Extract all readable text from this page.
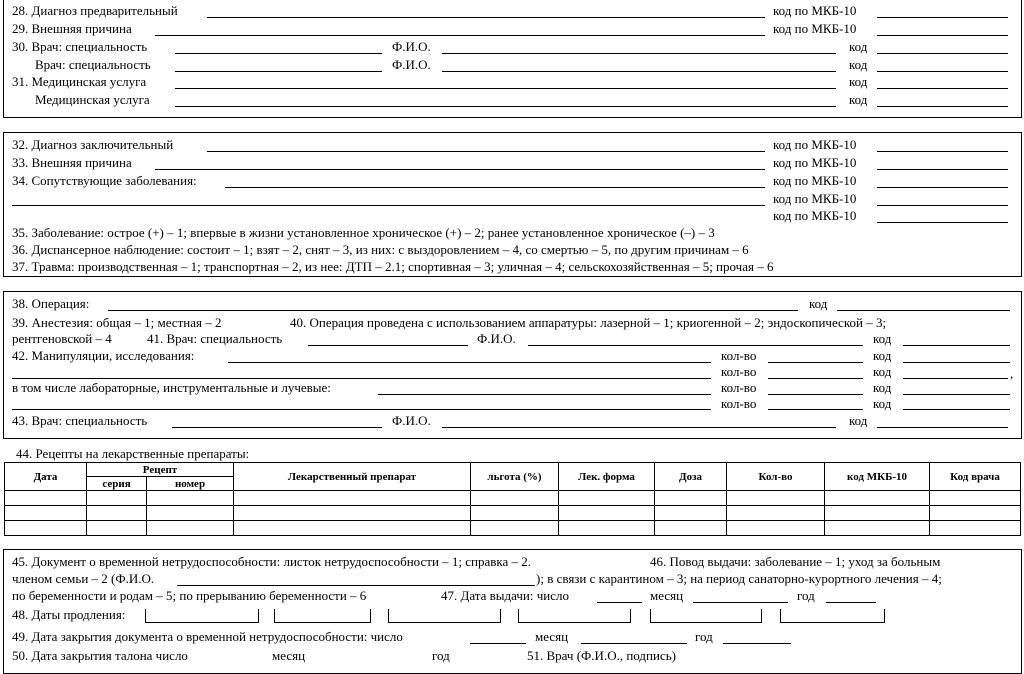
28. Диагноз предварительный	код по МКБ-10
29. Внешняя причина	код по МКБ-10
30. Врач: специальность	Ф.И.О.	код
Врач: специальность	Ф.И.О.	код
31. Медицинская услуга	код
Медицинская услуга	код
32. Диагноз заключительный	код по МКБ-10
33. Внешняя причина	код по МКБ-10
34. Сопутствующие заболевания:	код по МКБ-10
код по МКБ-10
код по МКБ-10
35. Заболевание: острое (+) – 1; впервые в жизни установленное хроническое (+) – 2; ранее установленное хроническое (–) – 3
36. Диспансерное наблюдение: состоит – 1; взят – 2, снят – 3, из них: с выздоровлением – 4, со смертью – 5, по другим причинам – 6
37. Травма: производственная – 1; транспортная – 2, из нее: ДТП – 2.1; спортивная – 3; уличная – 4; сельскохозяйственная – 5; прочая – 6
38. Операция:	код
39. Анестезия: общая – 1; местная – 2	40. Операция проведена с использованием аппаратуры: лазерной – 1; криогенной – 2; эндоскопической – 3;
рентгеновской – 4	41. Врач: специальность	Ф.И.О.	код
42. Манипуляции, исследования:	кол-во	код
кол-во	код	,
в том числе лабораторные, инструментальные и лучевые:	кол-во	код
кол-во	код
43. Врач: специальность	Ф.И.О.	код
44. Рецепты на лекарственные препараты:
Дата	Рецепт		Лекарственный препарат	льгота (%)	Лек. форма	Доза	Кол-во	код МКБ-10	Код врача
	серия	номер							

45. Документ о временной нетрудоспособности: листок нетрудоспособности – 1; справка – 2.	46. Повод выдачи: заболевание – 1; уход за больным
членом семьи – 2 (Ф.И.О.	); в связи с карантином – 3; на период санаторно-курортного лечения – 4;
по беременности и родам – 5; по прерыванию беременности – 6	47. Дата выдачи: число	месяц	год
48. Даты продления:
49. Дата закрытия документа о временной нетрудоспособности: число	месяц	год
50. Дата закрытия талона число	месяц	год	51. Врач (Ф.И.О., подпись)
